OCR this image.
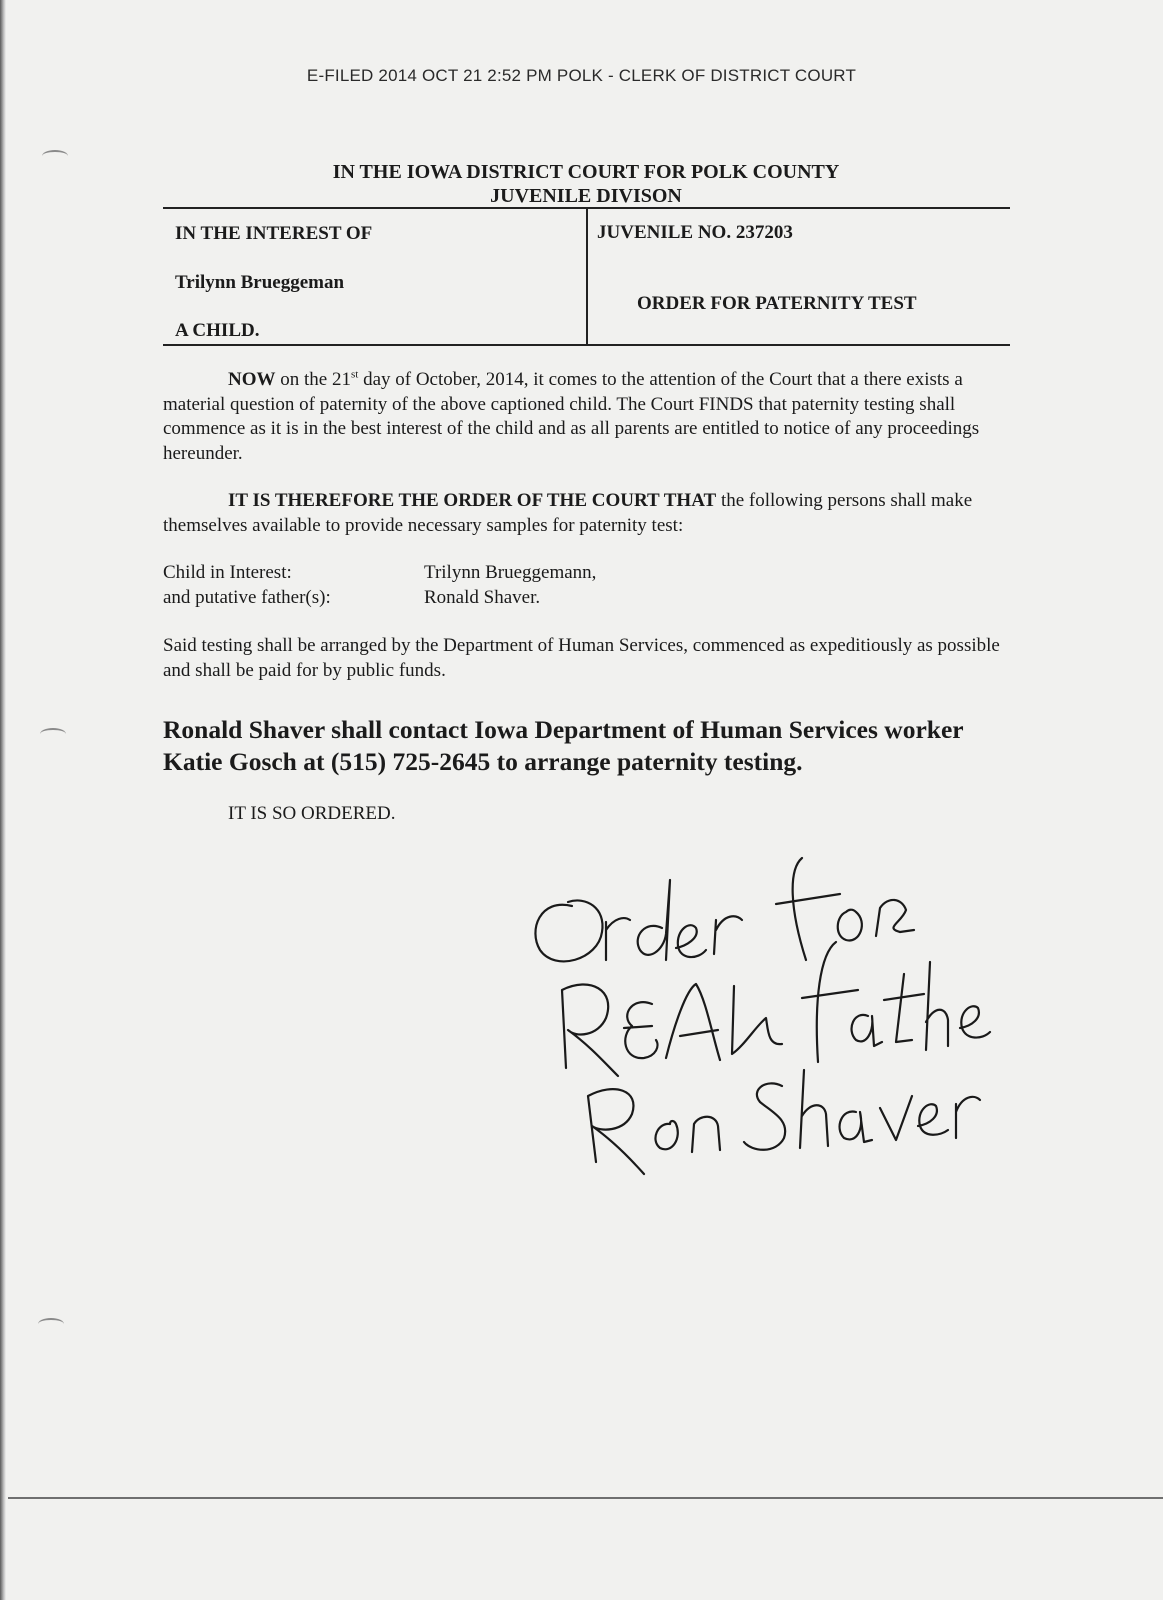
E-FILED 2014 OCT 21 2:52 PM POLK - CLERK OF DISTRICT COURT
IN THE IOWA DISTRICT COURT FOR POLK COUNTY
JUVENILE DIVISON
IN THE INTEREST OF
Trilynn Brueggeman
A CHILD.
JUVENILE NO. 237203
ORDER FOR PATERNITY TEST
NOW on the 21st day of October, 2014, it comes to the attention of the Court that a there exists a material question of paternity of the above captioned child. The Court FINDS that paternity testing shall commence as it is in the best interest of the child and as all parents are entitled to notice of any proceedings hereunder.
IT IS THEREFORE THE ORDER OF THE COURT THAT the following persons shall make themselves available to provide necessary samples for paternity test:
Child in Interest:
and putative father(s):
Trilynn Brueggemann,
Ronald Shaver.
Said testing shall be arranged by the Department of Human Services, commenced as expeditiously as possible and shall be paid for by public funds.
Ronald Shaver shall contact Iowa Department of Human Services worker Katie Gosch at (515) 725-2645 to arrange paternity testing.
IT IS SO ORDERED.
